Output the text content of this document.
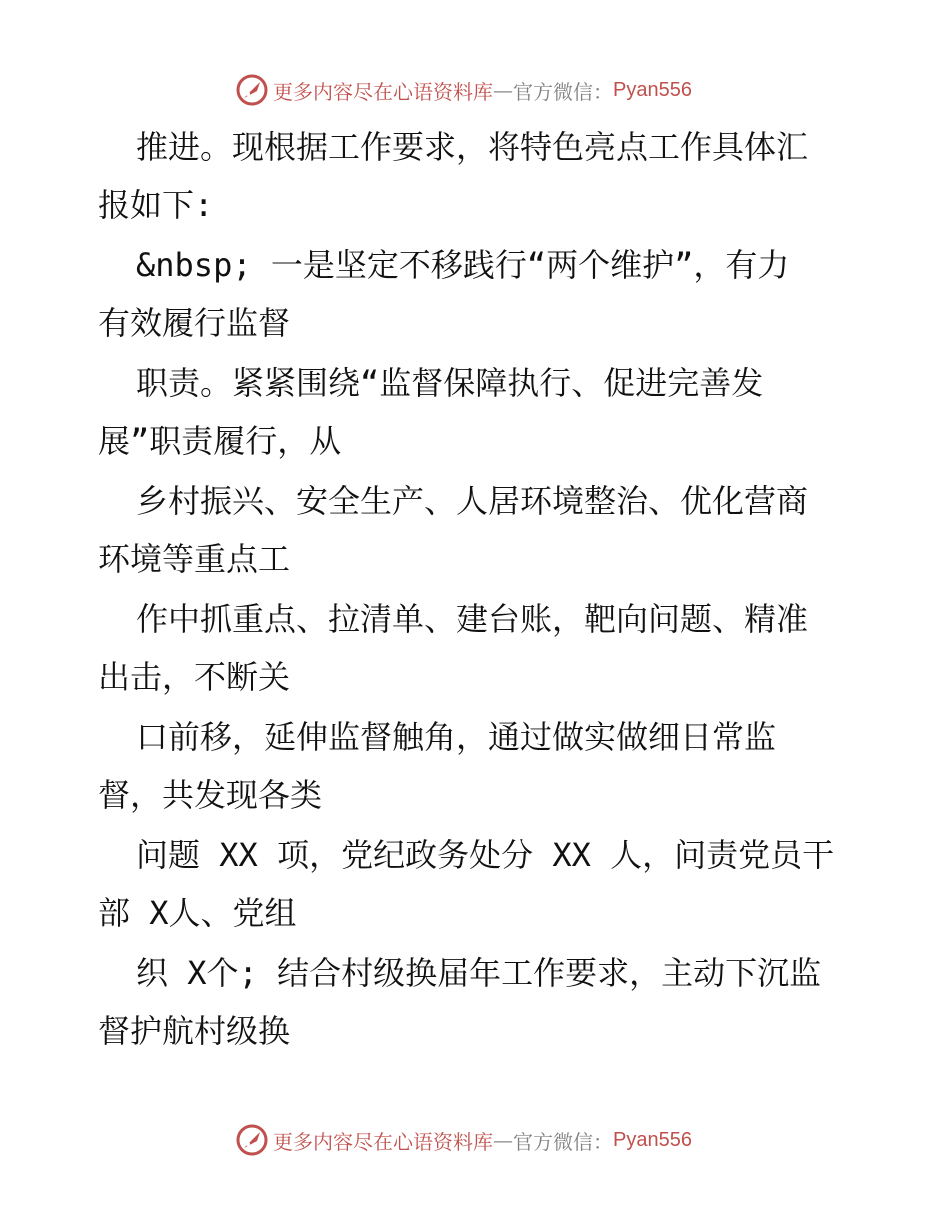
更多内容尽在心语资料库 — 官方微信： Pyan556
推进。现根据工作要求，将特色亮点工作具体汇
报如下:
&nbsp; 一是坚定不移践行“两个维护”，有力
有效履行监督
职责。紧紧围绕“监督保障执行、促进完善发
展”职责履行，从
乡村振兴、安全生产、人居环境整治、优化营商
环境等重点工
作中抓重点、拉清单、建台账，靶向问题、精准
出击，不断关
口前移，延伸监督触角，通过做实做细日常监
督，共发现各类
问题 XX 项，党纪政务处分 XX 人，问责党员干
部 X人、党组
织 X个; 结合村级换届年工作要求，主动下沉监
督护航村级换
更多内容尽在心语资料库 — 官方微信： Pyan556
